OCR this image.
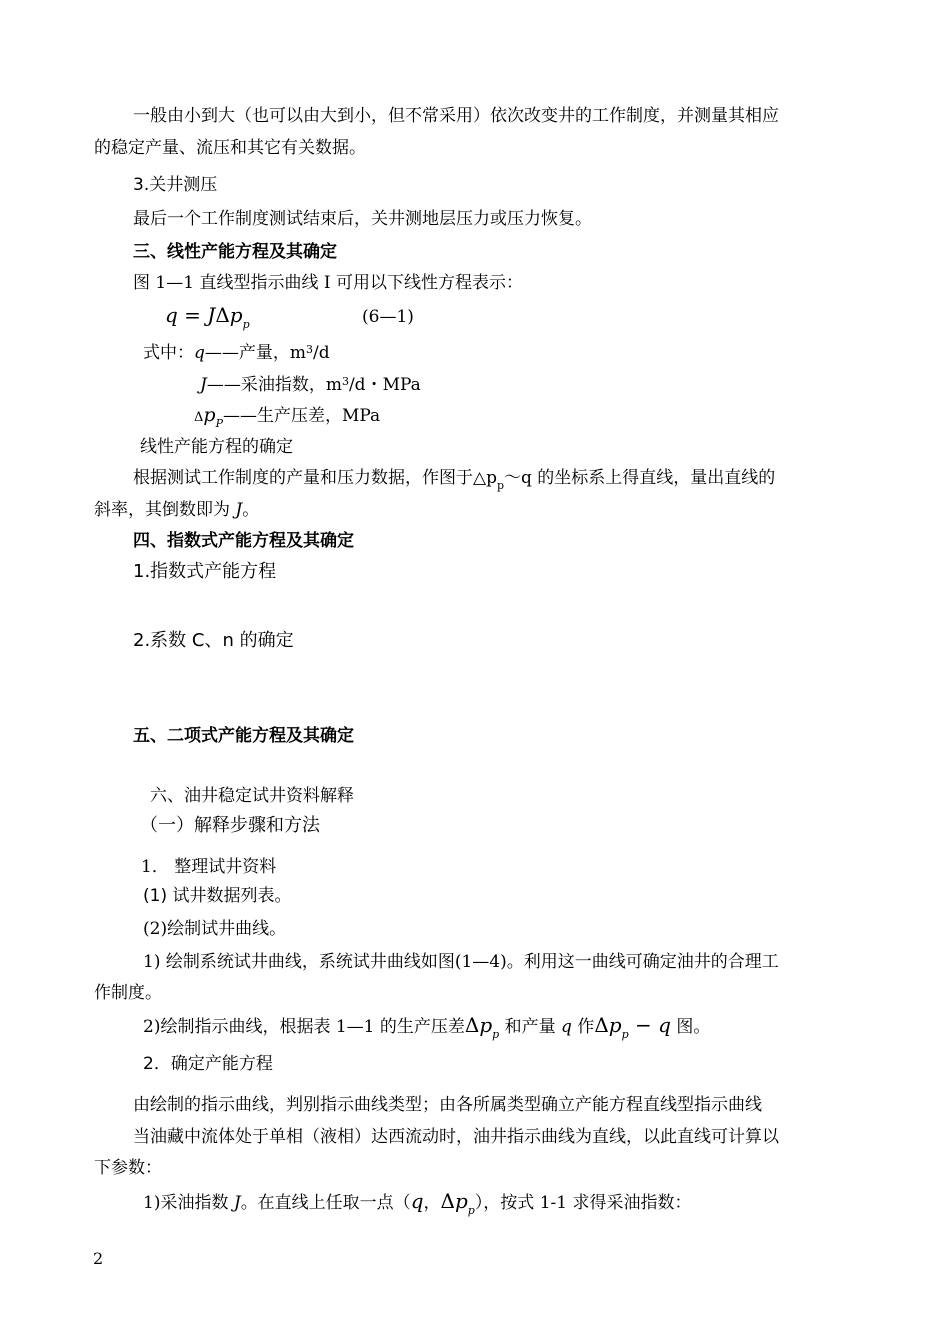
一般由小到大（也可以由大到小，但不常采用）依次改变井的工作制度，并测量其相应
的稳定产量、流压和其它有关数据。
3.关井测压
最后一个工作制度测试结束后，关井测地层压力或压力恢复。
三、线性产能方程及其确定
图 1—1 直线型指示曲线 I 可用以下线性方程表示：
q = JΔp$_p$	(6—1)
式中：q——产量，$m^3/d$
J——采油指数，$m^3/d$・MPa
$\Delta p_P——$生产压差，MPa
线性产能方程的确定
根据测试工作制度的产量和压力数据，作图于$\triangle p_p\sim q$ 的坐标系上得直线，量出直线的
斜率，其倒数即为 J。
四、指数式产能方程及其确定
1.指数式产能方程
2.系数 C、n 的确定
五、二项式产能方程及其确定
六、油井稳定试井资料解释
（一）解释步骤和方法
1． 整理试井资料
(1) 试井数据列表。
(2)绘制试井曲线。
1) 绘制系统试井曲线，系统试井曲线如图(1—4)。利用这一曲线可确定油井的合理工
作制度。
2)绘制指示曲线，根据表 1—1 的生产压差$\Delta p_p$ 和产量 q 作$\Delta p_p - q$ 图。
2．确定产能方程
由绘制的指示曲线，判别指示曲线类型；由各所属类型确立产能方程直线型指示曲线
当油藏中流体处于单相（液相）达西流动时，油井指示曲线为直线，以此直线可计算以
下参数：
1)采油指数 J。在直线上任取一点（q，$\Delta p_p$），按式 1-1 求得采油指数：
2
